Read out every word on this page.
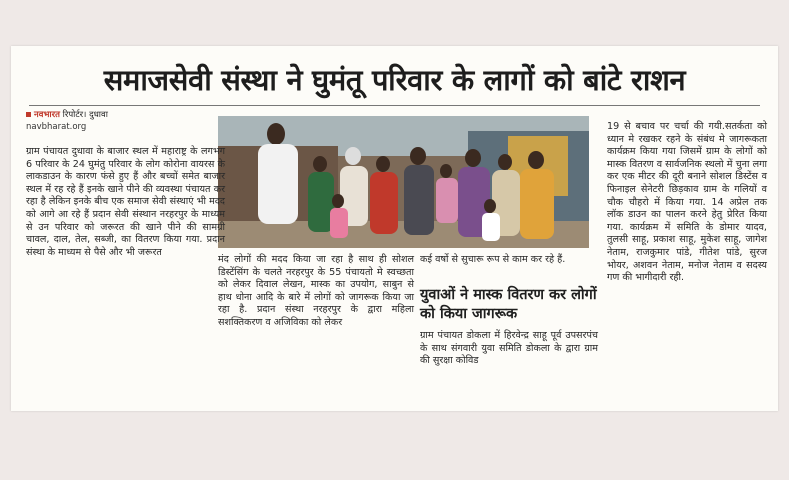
समाजसेवी संस्था ने घुमंतू परिवार के लागों को बांटे राशन
नवभारत रिपोर्टर। दुधावा
navbharat.org
ग्राम पंचायत दुधावा के बाजार स्थल में महाराष्ट्र के लगभग 6 परिवार के 24 घुमंतु परिवार के लोग कोरोना वायरस के लाकडाउन के कारण फंसे हुए हैं और बच्चों समेत बाजार स्थल में रह रहे हैं इनके खाने पीने की व्यवस्था पंचायत कर रहा है लेकिन इनके बीच एक समाज सेवी संस्थाएं भी मदद को आगे आ रहे हैं प्रदान सेवी संस्थान नरहरपुर के माध्यम से उन परिवार को जरूरत की खाने पीने की सामग्री चावल, दाल, तेल, सब्जी, का वितरण किया गया. प्रदान संस्था के माध्यम से पैसे और भी जरूरत
मंद लोगों की मदद किया जा रहा है साथ ही सोशल डिस्टेंसिंग के चलते नरहरपुर के 55 पंचायतो मे स्वच्छता को लेकर दिवाल लेखन, मास्क का उपयोग, साबुन से हाथ धोना आदि के बारे में लोगों को जागरूक किया जा रहा है. प्रदान संस्था नरहरपुर के द्वारा महिला सशक्तिकरण व अजिविका को लेकर
कई वर्षो से सुचारू रूप से काम कर रहे हैं.
युवाओं ने मास्क वितरण कर लोगों को किया जागरूक
ग्राम पंचायत डोकला में हिरवेन्द्र साहू पूर्व उपसरपंच के साथ संगवारी युवा समिति डोकला के द्वारा ग्राम की सुरक्षा कोविड
19 से बचाव पर चर्चा की गयी.सतर्कता को ध्यान मे रखकर रहने के संबंध मे जागरूकता कार्यक्रम किया गया जिसमें ग्राम के लोगों को मास्क वितरण व सार्वजनिक स्थलो में चुना लगा कर एक मीटर की दूरी बनाने सोशल डिस्टेंस व फिनाइल सेनेटरी छिड़काव ग्राम के गलियों व चौक चौहरो में किया गया. 14 अप्रेल तक लॉक डाउन का पालन करने हेतु प्रेरित किया गया. कार्यक्रम में समिति के डोमार यादव, तुलसी साहू, प्रकाश साहू, मुकेश साहू, जागेश नेताम, राजकुमार पांडे, गीतेश पांडे, सुरज भोयर, अशवन नेताम, मनोज नेताम व सदस्य गण की भागीदारी रही.
